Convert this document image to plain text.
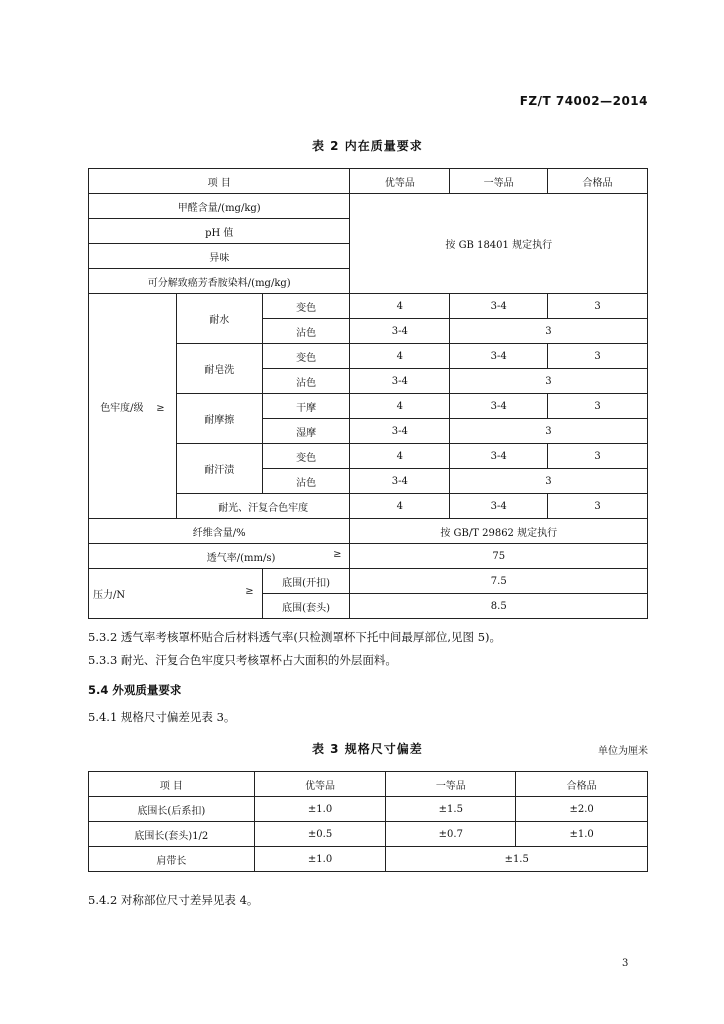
FZ/T 74002—2014
表 2 内在质量要求
项 目			优等品	一等品	合格品
甲醛含量/(mg/kg)			按 GB 18401 规定执行		
pH 值					
异味					
可分解致癌芳香胺染料/(mg/kg)					
色牢度/级 ≥	耐水	变色	4	3-4	3
		沾色	3-4	3	
	耐皂洗	变色	4	3-4	3
		沾色	3-4	3	
	耐摩擦	干摩	4	3-4	3
		湿摩	3-4	3	
	耐汗渍	变色	4	3-4	3
		沾色	3-4	3	
	耐光、汗复合色牢度		4	3-4	3
纤维含量/%			按 GB/T 29862 规定执行		
透气率/(mm/s) ≥			75		
压力/N ≥		底围(开扣)	7.5		
		底围(套头)	8.5		
5.3.2 透气率考核罩杯贴合后材料透气率(只检测罩杯下托中间最厚部位,见图 5)。
5.3.3 耐光、汗复合色牢度只考核罩杯占大面积的外层面料。
5.4 外观质量要求
5.4.1 规格尺寸偏差见表 3。
表 3 规格尺寸偏差	单位为厘米
项 目	优等品	一等品	合格品
底围长(后系扣)	±1.0	±1.5	±2.0
底围长(套头)1/2	±0.5	±0.7	±1.0
肩带长	±1.0	±1.5	
5.4.2 对称部位尺寸差异见表 4。
3
